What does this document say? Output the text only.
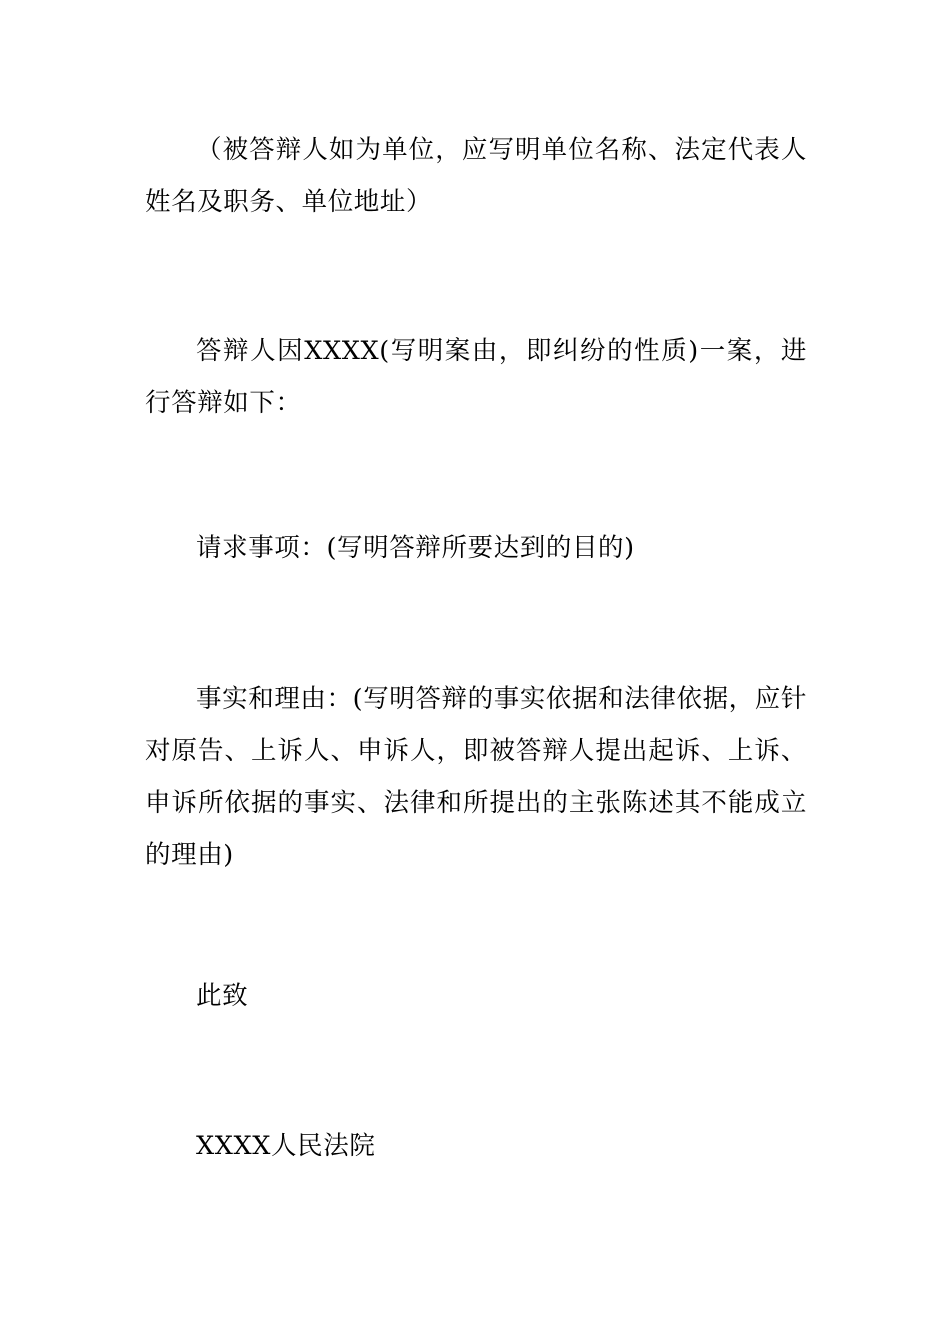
（被答辩人如为单位，应写明单位名称、法定代表人姓名及职务、单位地址）

答辩人因XXXX(写明案由，即纠纷的性质)一案，进行答辩如下：

请求事项：(写明答辩所要达到的目的)

事实和理由：(写明答辩的事实依据和法律依据，应针对原告、上诉人、申诉人，即被答辩人提出起诉、上诉、申诉所依据的事实、法律和所提出的主张陈述其不能成立的理由)

此致

XXXX人民法院
